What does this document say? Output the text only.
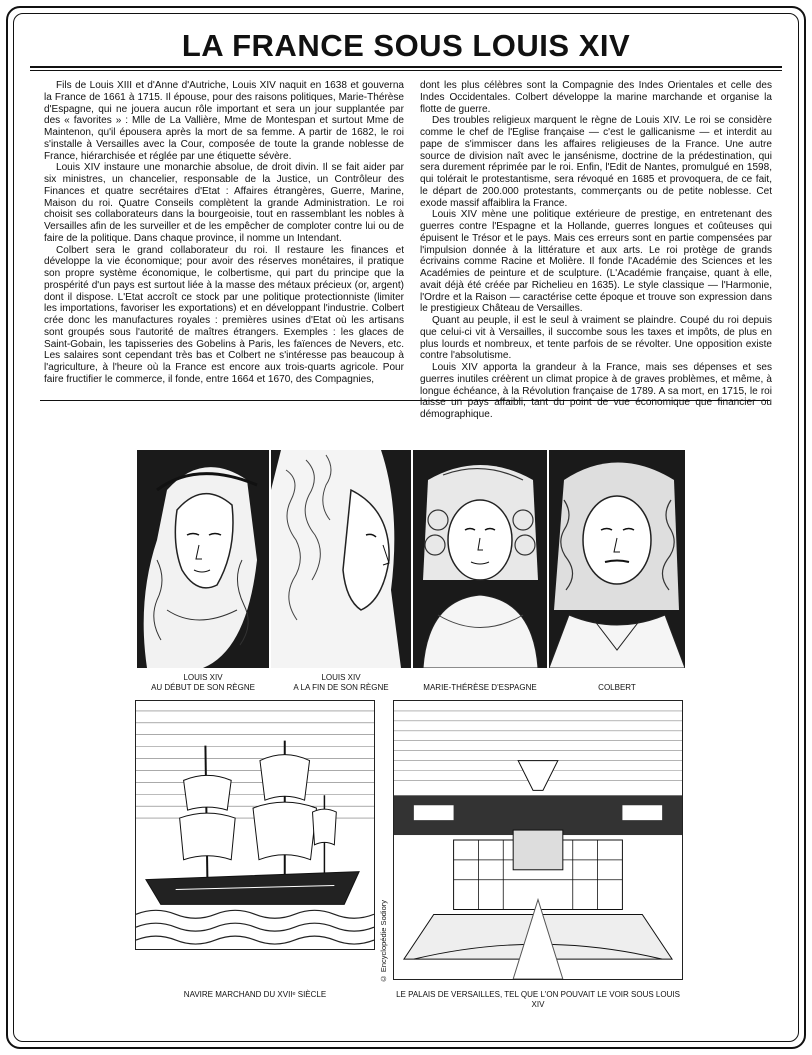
LA FRANCE SOUS LOUIS XIV

Fils de Louis XIII et d'Anne d'Autriche, Louis XIV naquit en 1638 et gouverna la France de 1661 à 1715. Il épouse, pour des raisons politiques, Marie-Thérèse d'Espagne, qui ne jouera aucun rôle important et sera un jour supplantée par des « favorites » : Mlle de La Vallière, Mme de Montespan et surtout Mme de Maintenon, qu'il épousera après la mort de sa femme. A partir de 1682, le roi s'installe à Versailles avec la Cour, composée de toute la grande noblesse de France, hiérarchisée et réglée par une étiquette sévère.

Louis XIV instaure une monarchie absolue, de droit divin. Il se fait aider par six ministres, un chancelier, responsable de la Justice, un Contrôleur des Finances et quatre secrétaires d'Etat : Affaires étrangères, Guerre, Marine, Maison du roi. Quatre Conseils complètent la grande Administration. Le roi choisit ses collaborateurs dans la bourgeoisie, tout en rassemblant les nobles à Versailles afin de les surveiller et de les empêcher de comploter contre lui ou de faire de la politique. Dans chaque province, il nomme un Intendant.

Colbert sera le grand collaborateur du roi. Il restaure les finances et développe la vie économique; pour avoir des réserves monétaires, il pratique son propre système économique, le colbertisme, qui part du principe que la prospérité d'un pays est surtout liée à la masse des métaux précieux (or, argent) dont il dispose. L'Etat accroît ce stock par une politique protectionniste (limiter les importations, favoriser les exportations) et en développant l'industrie. Colbert crée donc les manufactures royales : premières usines d'Etat où les artisans sont groupés sous l'autorité de maîtres étrangers. Exemples : les glaces de Saint-Gobain, les tapisseries des Gobelins à Paris, les faïences de Nevers, etc. Les salaires sont cependant très bas et Colbert ne s'intéresse pas beaucoup à l'agriculture, à l'heure où la France est encore aux trois-quarts agricole. Pour faire fructifier le commerce, il fonde, entre 1664 et 1670, des Compagnies,

dont les plus célèbres sont la Compagnie des Indes Orientales et celle des Indes Occidentales. Colbert développe la marine marchande et organise la flotte de guerre.

Des troubles religieux marquent le règne de Louis XIV. Le roi se considère comme le chef de l'Eglise française — c'est le gallicanisme — et interdit au pape de s'immiscer dans les affaires religieuses de la France. Une autre source de division naît avec le jansénisme, doctrine de la prédestination, qui sera durement réprimée par le roi. Enfin, l'Edit de Nantes, promulgué en 1598, qui tolérait le protestantisme, sera révoqué en 1685 et provoquera, de ce fait, le départ de 200.000 protestants, commerçants ou de petite noblesse. Cet exode massif affaiblira la France.

Louis XIV mène une politique extérieure de prestige, en entretenant des guerres contre l'Espagne et la Hollande, guerres longues et coûteuses qui épuisent le Trésor et le pays. Mais ces erreurs sont en partie compensées par l'impulsion donnée à la littérature et aux arts. Le roi protège de grands écrivains comme Racine et Molière. Il fonde l'Académie des Sciences et les Académies de peinture et de sculpture. (L'Académie française, quant à elle, avait déjà été créée par Richelieu en 1635). Le style classique — l'Harmonie, l'Ordre et la Raison — caractérise cette époque et trouve son expression dans le prestigieux Château de Versailles.

Quant au peuple, il est le seul à vraiment se plaindre. Coupé du roi depuis que celui-ci vit à Versailles, il succombe sous les taxes et impôts, de plus en plus lourds et nombreux, et tente parfois de se révolter. Une opposition existe contre l'absolutisme.

Louis XIV apporta la grandeur à la France, mais ses dépenses et ses guerres inutiles créèrent un climat propice à de graves problèmes, et même, à longue échéance, à la Révolution française de 1789. A sa mort, en 1715, le roi laisse un pays affaibli, tant du point de vue économique que financier ou démographique.

LOUIS XIV
AU DÉBUT DE SON RÈGNE
LOUIS XIV
A LA FIN DE SON RÈGNE	MARIE-THÉRÈSE D'ESPAGNE	COLBERT
© Encyclopédie Sodiory
NAVIRE MARCHAND DU XVIIᵉ SIÈCLE	LE PALAIS DE VERSAILLES, TEL QUE L'ON POUVAIT LE VOIR SOUS LOUIS XIV
